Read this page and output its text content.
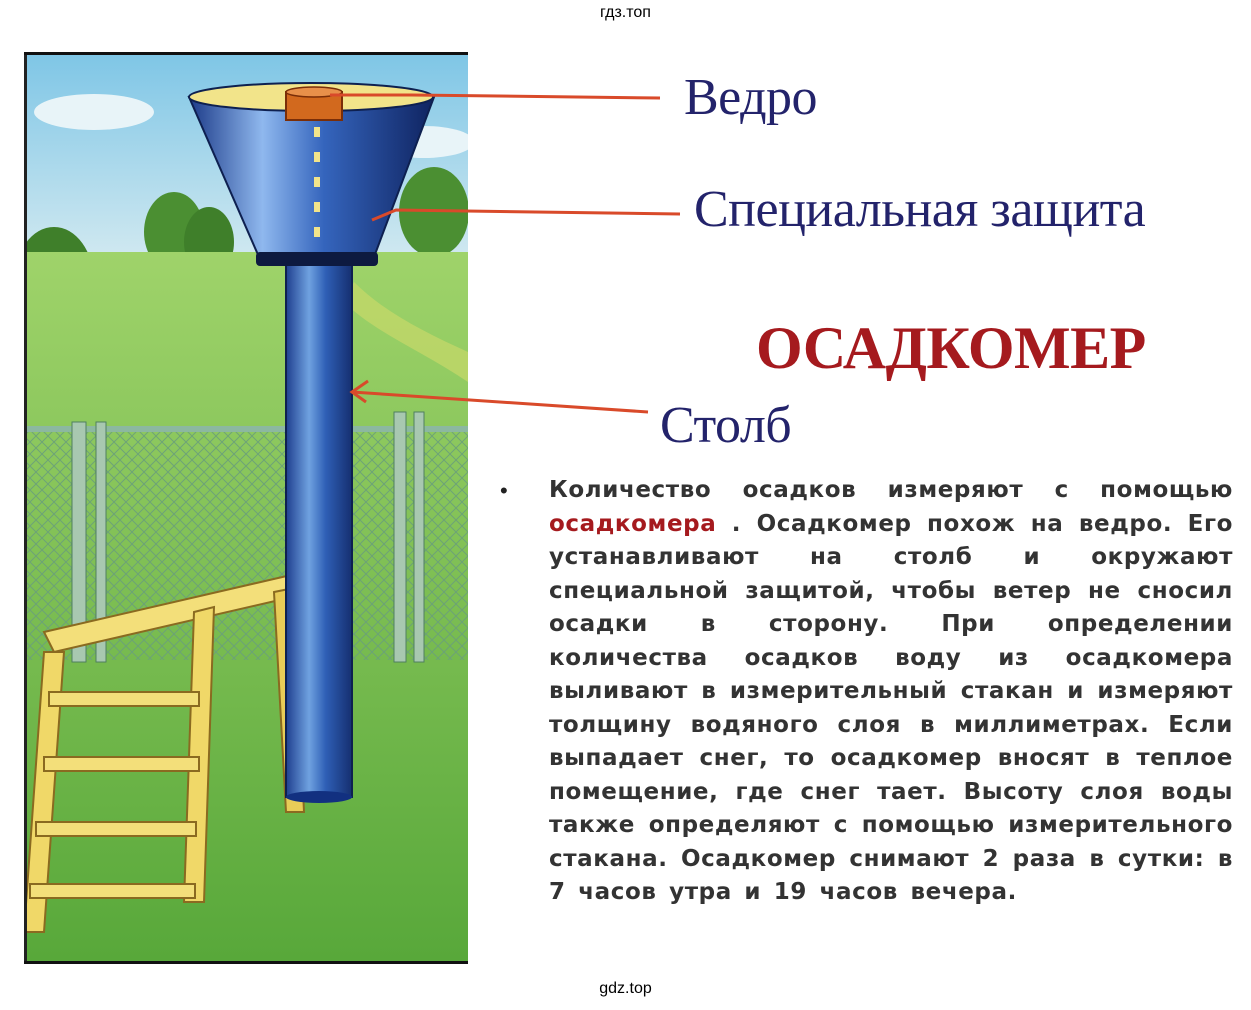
гдз.топ
Ведро
Специальная защита
Столб
ОСАДКОМЕР
• Количество осадков измеряют с помощью осадкомера . Осадкомер похож на ведро. Его устанавливают на столб и окружают специальной защитой, чтобы ветер не сносил осадки в сторону. При определении количества осадков воду из осадкомера выливают в измерительный стакан и измеряют толщину водяного слоя в миллиметрах. Если выпадает снег, то осадкомер вносят в теплое помещение, где снег тает. Высоту слоя воды также определяют с помощью измерительного стакана. Осадкомер снимают 2 раза в сутки: в 7 часов утра и 19 часов вечера.
gdz.top
